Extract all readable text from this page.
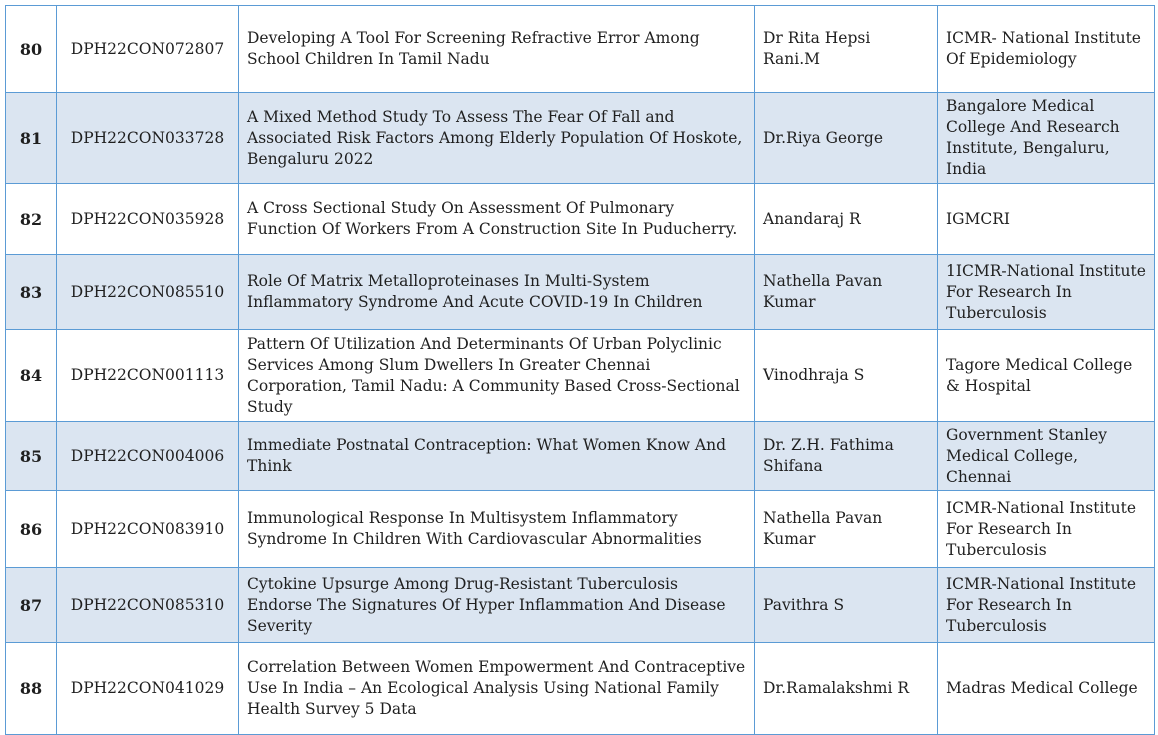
80	DPH22CON072807	Developing A Tool For Screening Refractive Error Among School Children In Tamil Nadu	Dr Rita Hepsi Rani.M	ICMR- National Institute Of Epidemiology
81	DPH22CON033728	A Mixed Method Study To Assess The Fear Of Fall and Associated Risk Factors Among Elderly Population Of Hoskote, Bengaluru 2022	Dr.Riya George	Bangalore Medical College And Research Institute, Bengaluru, India
82	DPH22CON035928	A Cross Sectional Study On Assessment Of Pulmonary Function Of Workers From A Construction Site In Puducherry.	Anandaraj R	IGMCRI
83	DPH22CON085510	Role Of Matrix Metalloproteinases In Multi-System Inflammatory Syndrome And Acute COVID-19 In Children	Nathella Pavan Kumar	1ICMR-National Institute For Research In Tuberculosis
84	DPH22CON001113	Pattern Of Utilization And Determinants Of Urban Polyclinic Services Among Slum Dwellers In Greater Chennai Corporation, Tamil Nadu: A Community Based Cross-Sectional Study	Vinodhraja S	Tagore Medical College & Hospital
85	DPH22CON004006	Immediate Postnatal Contraception: What Women Know And Think	Dr. Z.H. Fathima Shifana	Government Stanley Medical College, Chennai
86	DPH22CON083910	Immunological Response In Multisystem Inflammatory Syndrome In Children With Cardiovascular Abnormalities	Nathella Pavan Kumar	ICMR-National Institute For Research In Tuberculosis
87	DPH22CON085310	Cytokine Upsurge Among Drug-Resistant Tuberculosis Endorse The Signatures Of Hyper Inflammation And Disease Severity	Pavithra S	ICMR-National Institute For Research In Tuberculosis
88	DPH22CON041029	Correlation Between Women Empowerment And Contraceptive Use In India – An Ecological Analysis Using National Family Health Survey 5 Data	Dr.Ramalakshmi R	Madras Medical College
